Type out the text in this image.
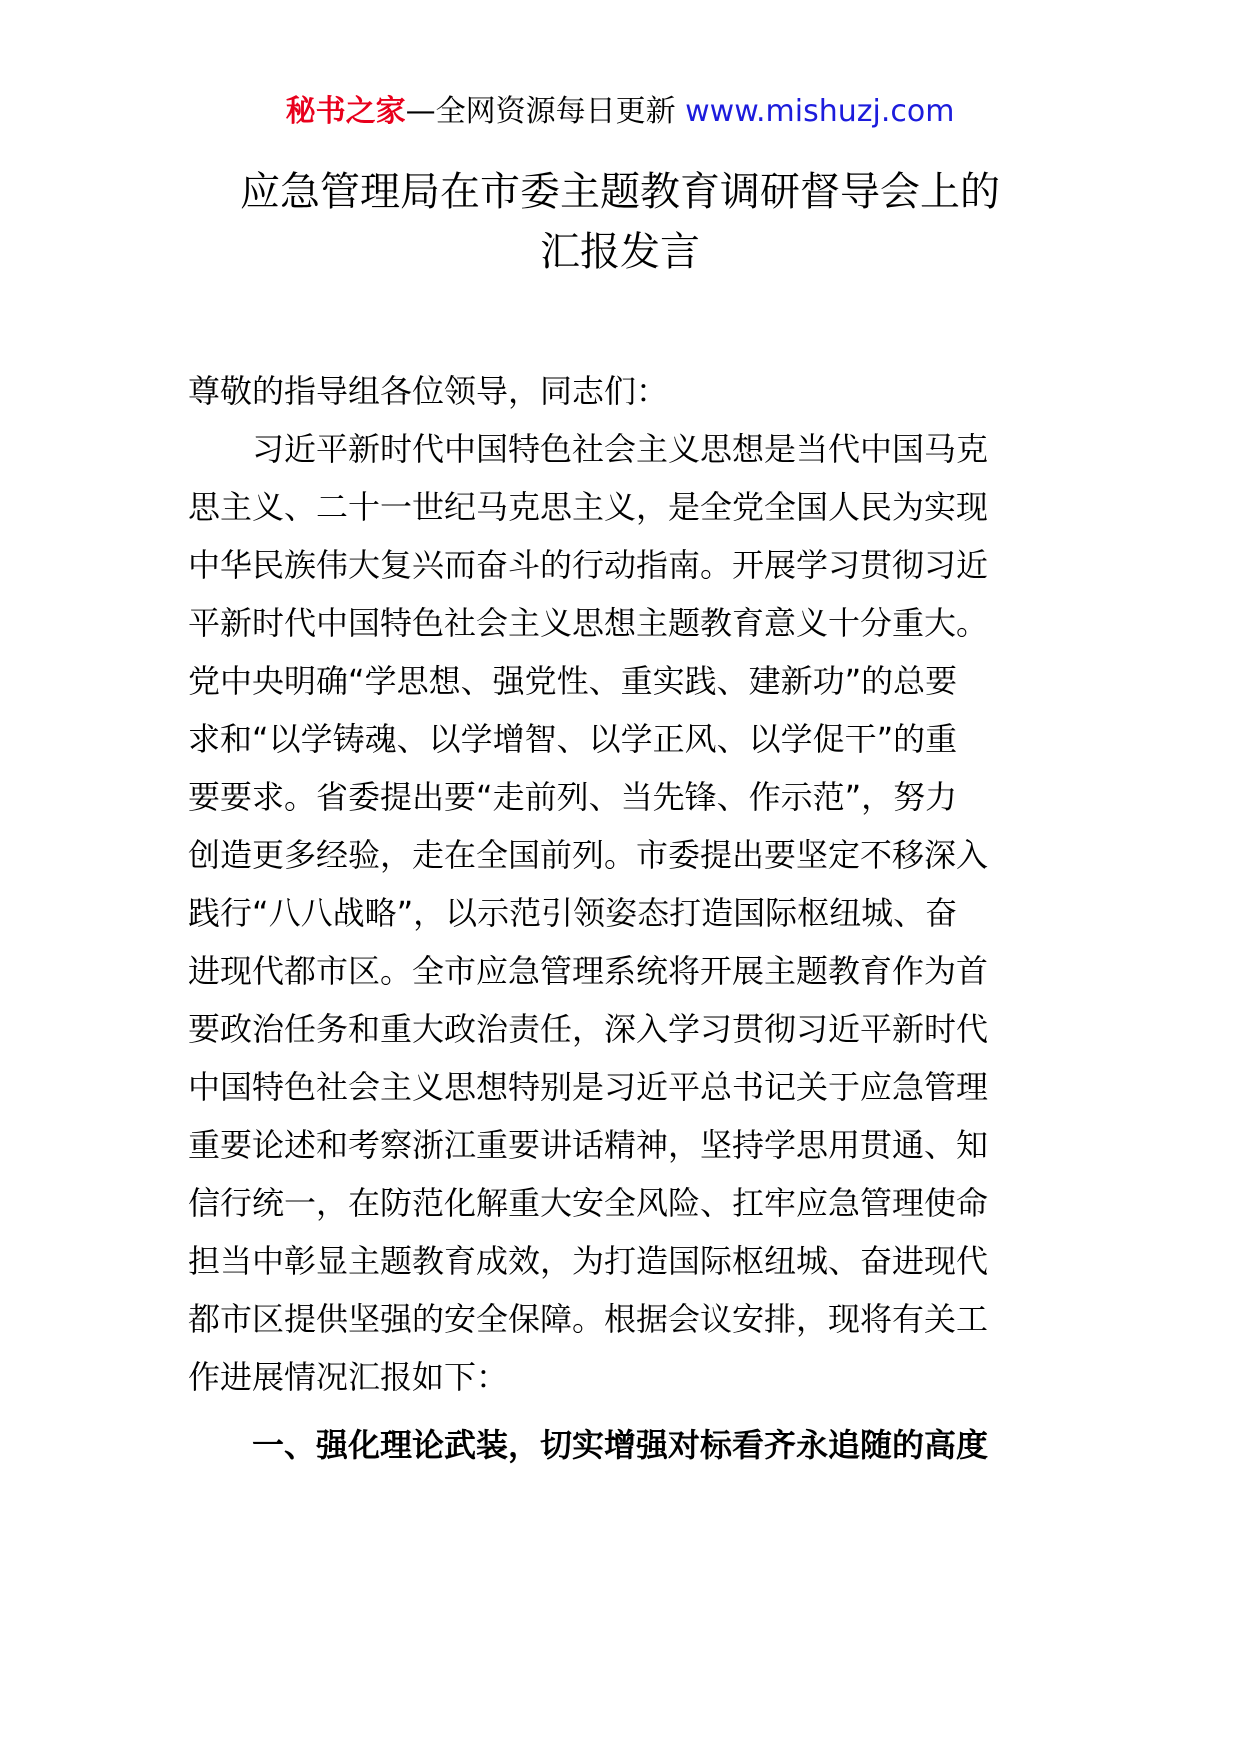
秘书之家—全网资源每日更新 www.mishuzj.com
应急管理局在市委主题教育调研督导会上的
汇报发言

尊敬的指导组各位领导，同志们：

习近平新时代中国特色社会主义思想是当代中国马克
思主义、二十一世纪马克思主义，是全党全国人民为实现
中华民族伟大复兴而奋斗的行动指南。开展学习贯彻习近
平新时代中国特色社会主义思想主题教育意义十分重大。
党中央明确“学思想、强党性、重实践、建新功”的总要
求和“以学铸魂、以学增智、以学正风、以学促干”的重
要要求。省委提出要“走前列、当先锋、作示范”，努力
创造更多经验，走在全国前列。市委提出要坚定不移深入
践行“八八战略”，以示范引领姿态打造国际枢纽城、奋
进现代都市区。全市应急管理系统将开展主题教育作为首
要政治任务和重大政治责任，深入学习贯彻习近平新时代
中国特色社会主义思想特别是习近平总书记关于应急管理
重要论述和考察浙江重要讲话精神，坚持学思用贯通、知
信行统一，在防范化解重大安全风险、扛牢应急管理使命
担当中彰显主题教育成效，为打造国际枢纽城、奋进现代
都市区提供坚强的安全保障。根据会议安排，现将有关工
作进展情况汇报如下：

一、强化理论武装，切实增强对标看齐永追随的高度
